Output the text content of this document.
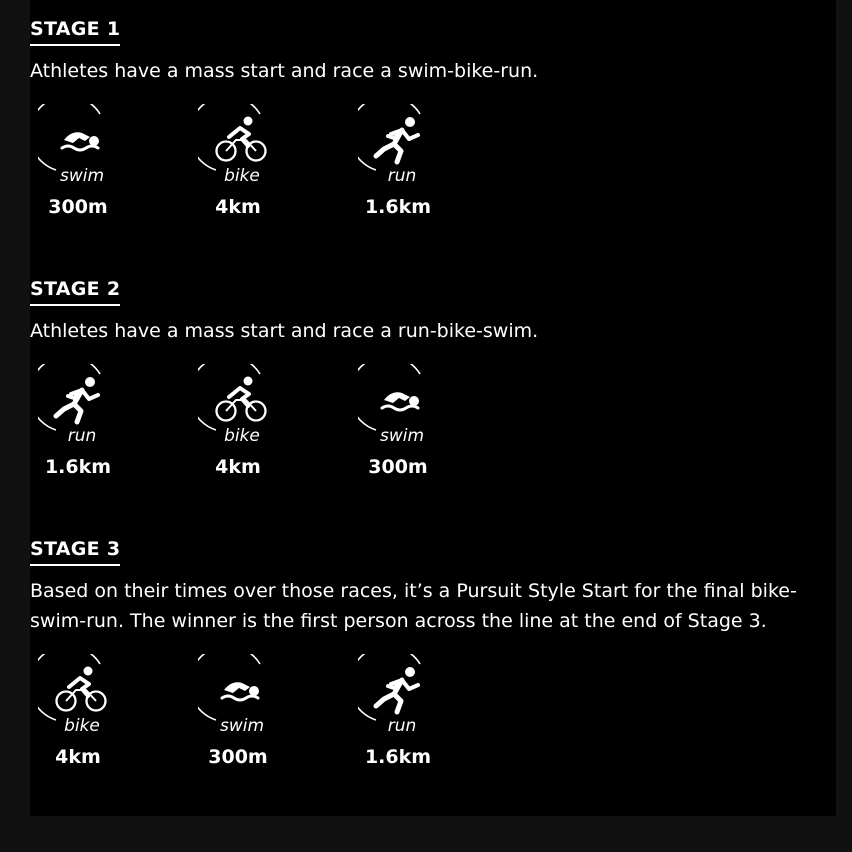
STAGE 1
Athletes have a mass start and race a swim-bike-run.
swim
300m
bike
4km
run
1.6km
STAGE 2
Athletes have a mass start and race a run-bike-swim.
run
1.6km
bike
4km
swim
300m
STAGE 3
Based on their times over those races, it’s a Pursuit Style Start for the final bike-swim-run. The winner is the first person across the line at the end of Stage 3.
bike
4km
swim
300m
run
1.6km
